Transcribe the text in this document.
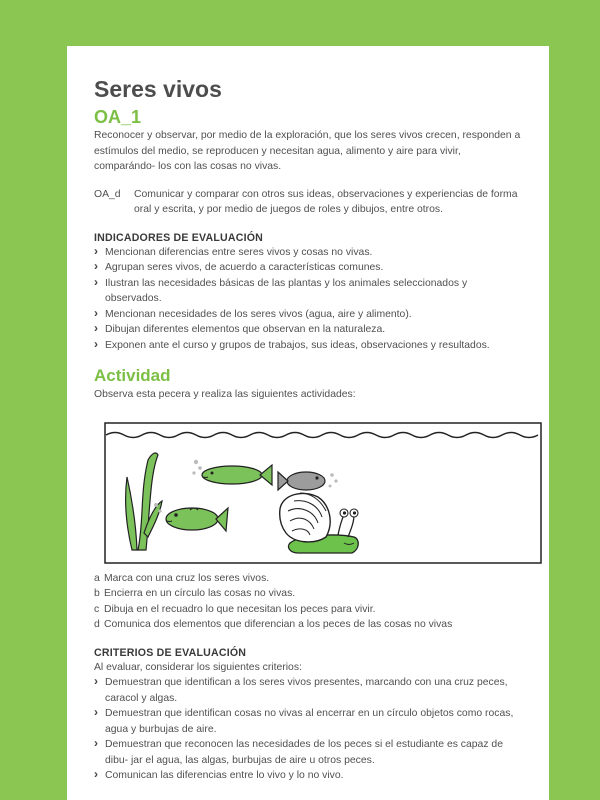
Seres vivos
OA_1

Reconocer y observar, por medio de la exploración, que los seres vivos crecen, responden a estímulos del medio, se reproducen y necesitan agua, alimento y aire para vivir, comparándo- los con las cosas no vivas.

OA_d	Comunicar y comparar con otros sus ideas, observaciones y experiencias de forma oral y escrita, y por medio de juegos de roles y dibujos, entre otros.
INDICADORES DE EVALUACIÓN
› Mencionan diferencias entre seres vivos y cosas no vivas.
› Agrupan seres vivos, de acuerdo a características comunes.
› Ilustran las necesidades básicas de las plantas y los animales seleccionados y observados.
› Mencionan necesidades de los seres vivos (agua, aire y alimento).
› Dibujan diferentes elementos que observan en la naturaleza.
› Exponen ante el curso y grupos de trabajos, sus ideas, observaciones y resultados.
Actividad

Observa esta pecera y realiza las siguientes actividades:

a Marca con una cruz los seres vivos.
b Encierra en un círculo las cosas no vivas.
c Dibuja en el recuadro lo que necesitan los peces para vivir.
d Comunica dos elementos que diferencian a los peces de las cosas no vivas
CRITERIOS DE EVALUACIÓN

Al evaluar, considerar los siguientes criterios:

› Demuestran que identifican a los seres vivos presentes, marcando con una cruz peces, caracol y algas.
› Demuestran que identifican cosas no vivas al encerrar en un círculo objetos como rocas, agua y burbujas de aire.
› Demuestran que reconocen las necesidades de los peces si el estudiante es capaz de dibu- jar el agua, las algas, burbujas de aire u otros peces.
› Comunican las diferencias entre lo vivo y lo no vivo.
